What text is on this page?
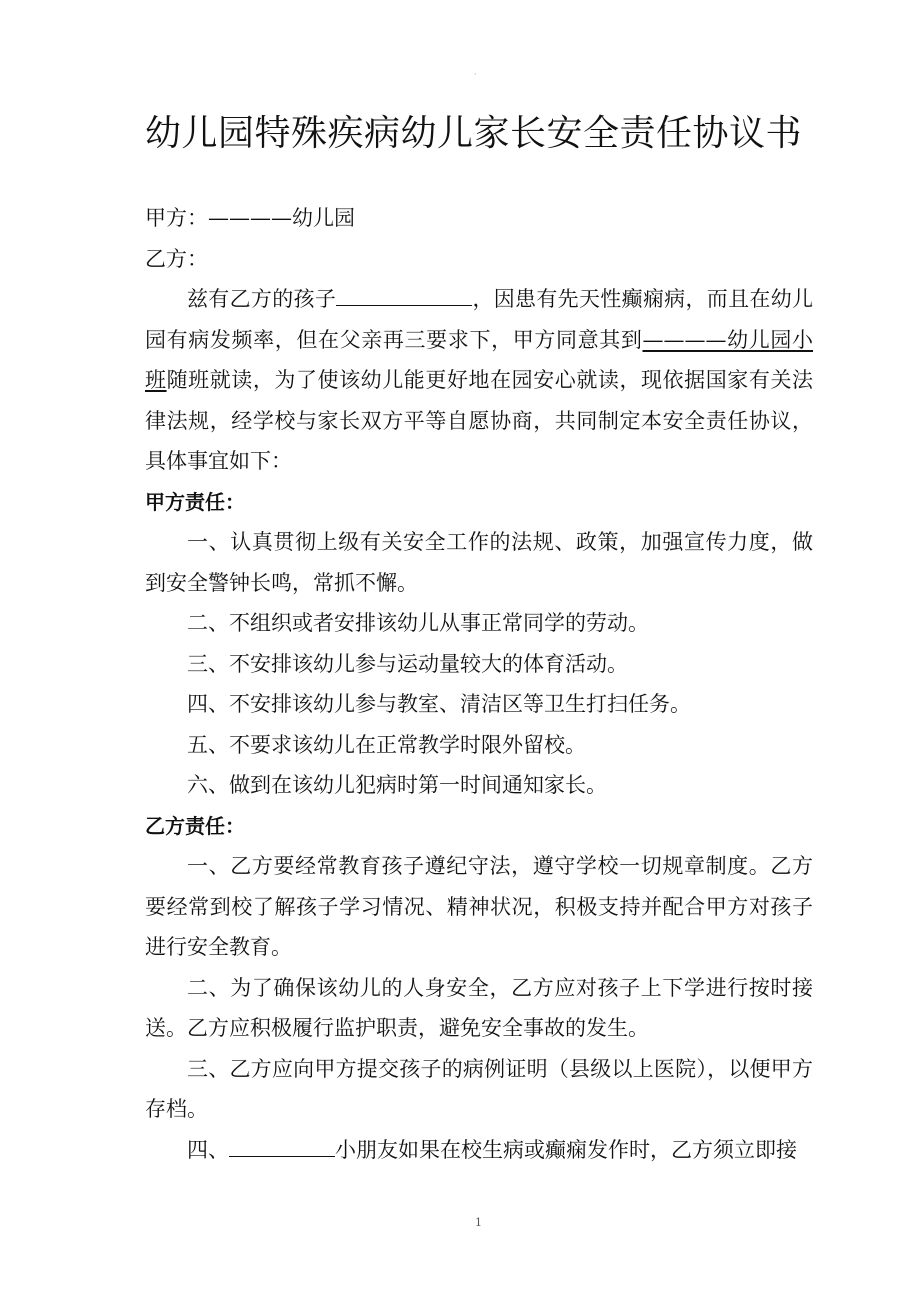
·
幼儿园特殊疾病幼儿家长安全责任协议书

甲方：————幼儿园

乙方：

兹有乙方的孩子	，因患有先天性癫痫病，而且在幼儿园有病发频率，但在父亲再三要求下，甲方同意其到————幼儿园小班随班就读，为了使该幼儿能更好地在园安心就读，现依据国家有关法律法规，经学校与家长双方平等自愿协商，共同制定本安全责任协议，具体事宜如下：

甲方责任：

一、认真贯彻上级有关安全工作的法规、政策，加强宣传力度，做到安全警钟长鸣，常抓不懈。

二、不组织或者安排该幼儿从事正常同学的劳动。

三、不安排该幼儿参与运动量较大的体育活动。

四、不安排该幼儿参与教室、清洁区等卫生打扫任务。

五、不要求该幼儿在正常教学时限外留校。

六、做到在该幼儿犯病时第一时间通知家长。

乙方责任：

一、乙方要经常教育孩子遵纪守法，遵守学校一切规章制度。乙方要经常到校了解孩子学习情况、精神状况，积极支持并配合甲方对孩子进行安全教育。

二、为了确保该幼儿的人身安全，乙方应对孩子上下学进行按时接送。乙方应积极履行监护职责，避免安全事故的发生。

三、乙方应向甲方提交孩子的病例证明（县级以上医院），以便甲方存档。

四、	小朋友如果在校生病或癫痫发作时，乙方须立即接

1
